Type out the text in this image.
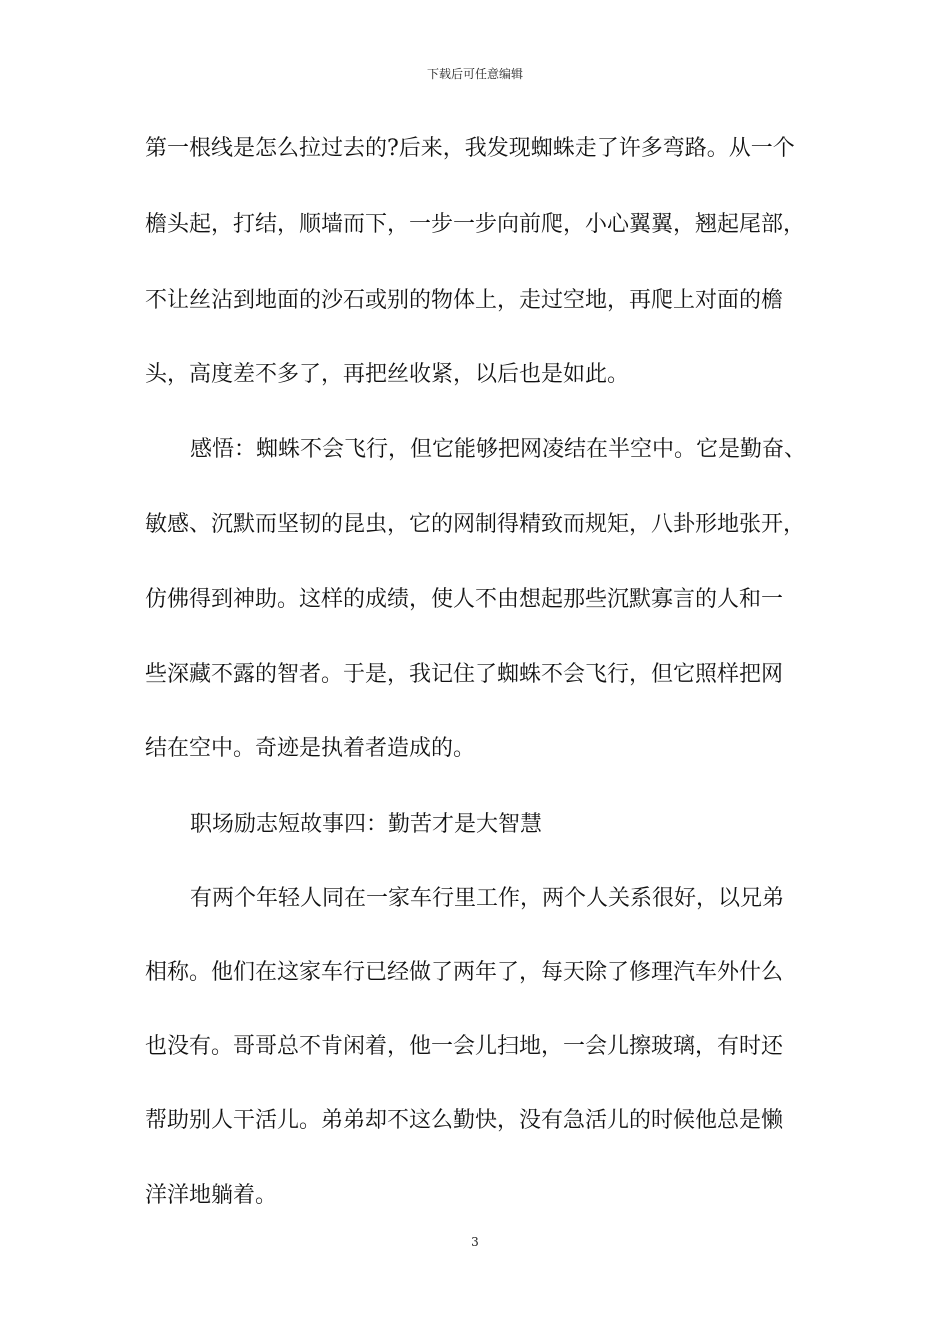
下载后可任意编辑
第一根线是怎么拉过去的?后来，我发现蜘蛛走了许多弯路。从一个
檐头起，打结，顺墙而下，一步一步向前爬，小心翼翼，翘起尾部，
不让丝沾到地面的沙石或别的物体上，走过空地，再爬上对面的檐
头，高度差不多了，再把丝收紧，以后也是如此。
感悟：蜘蛛不会飞行，但它能够把网凌结在半空中。它是勤奋、
敏感、沉默而坚韧的昆虫，它的网制得精致而规矩，八卦形地张开，
仿佛得到神助。这样的成绩，使人不由想起那些沉默寡言的人和一
些深藏不露的智者。于是，我记住了蜘蛛不会飞行，但它照样把网
结在空中。奇迹是执着者造成的。
职场励志短故事四：勤苦才是大智慧
有两个年轻人同在一家车行里工作，两个人关系很好，以兄弟
相称。他们在这家车行已经做了两年了，每天除了修理汽车外什么
也没有。哥哥总不肯闲着，他一会儿扫地，一会儿擦玻璃，有时还
帮助别人干活儿。弟弟却不这么勤快，没有急活儿的时候他总是懒
洋洋地躺着。
3
